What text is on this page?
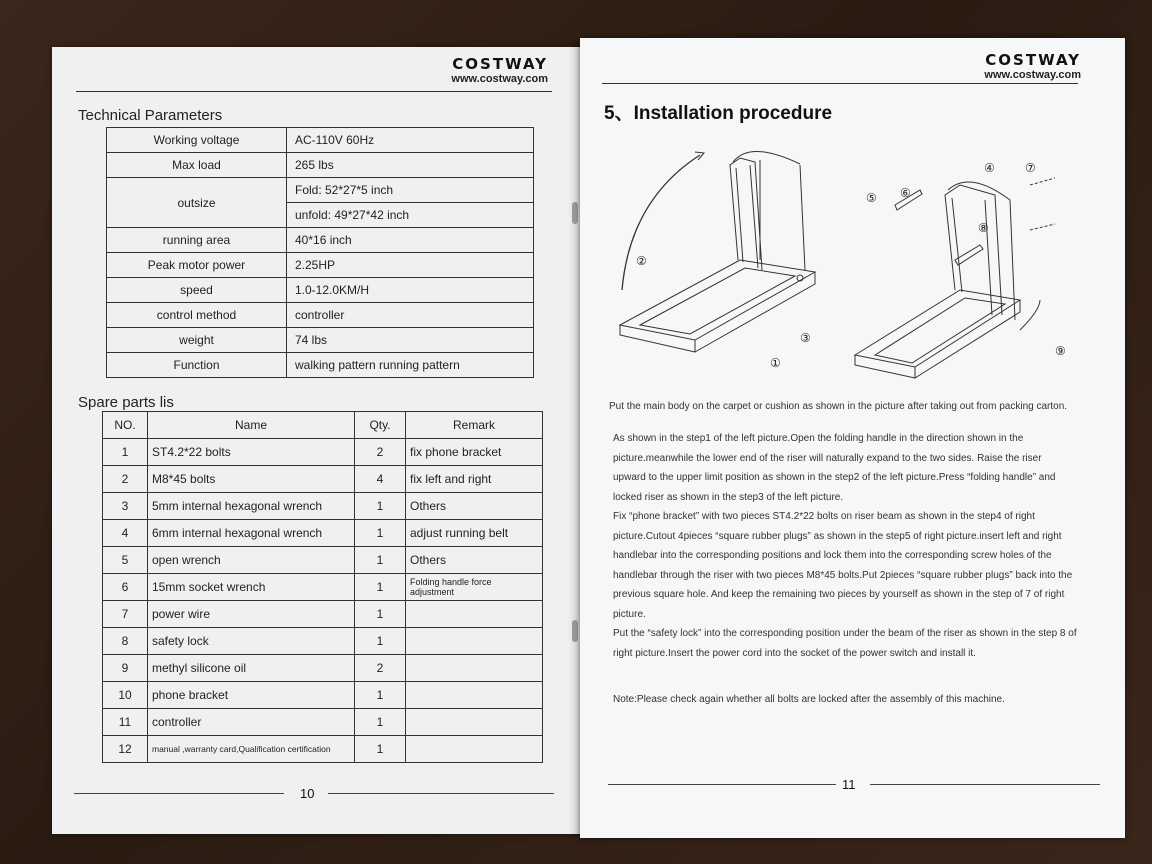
COSTWAY
www.costway.com
Technical Parameters
Working voltage	AC-110V 60Hz
Max load	265 lbs
outsize	Fold: 52*27*5 inch
	unfold: 49*27*42 inch
running area	40*16 inch
Peak motor power	2.25HP
speed	1.0-12.0KM/H
control method	controller
weight	74 lbs
Function	walking pattern running pattern
Spare parts lis
NO.	Name	Qty.	Remark
1	ST4.2*22 bolts	2	fix phone bracket
2	M8*45 bolts	4	fix left and right
3	5mm internal hexagonal wrench	1	Others
4	6mm internal hexagonal wrench	1	adjust running belt
5	open wrench	1	Others
6	15mm socket wrench	1	Folding handle force adjustment
7	power wire	1	
8	safety lock	1	
9	methyl silicone oil	2	
10	phone bracket	1	
11	controller	1	
12	manual ,warranty card,Qualification certification	1	
10
COSTWAY
www.costway.com
5、Installation procedure
①
②
③
④
⑤ ⑥
⑦
⑧
⑨
Put the main body on the carpet or cushion as shown in the picture after taking out from packing carton.
As shown in the step1 of the left picture.Open the folding handle in the direction shown in the
picture.meanwhile the lower end of the riser will naturally expand to the two sides. Raise the riser
upward to the upper limit position as shown in the step2 of the left picture.Press “folding handle” and
locked riser as shown in the step3 of the left picture.
Fix “phone bracket” with two pieces ST4.2*22 bolts on riser beam as shown in the step4 of right
picture.Cutout 4pieces “square rubber plugs” as shown in the step5 of right picture.insert left and right
handlebar into the corresponding positions and lock them into the corresponding screw holes of the
handlebar through the riser with two pieces M8*45 bolts.Put 2pieces “square rubber plugs” back into the
previous square hole. And keep the remaining two pieces by yourself as shown in the step of 7 of right
picture.
Put the “safety lock” into the corresponding position under the beam of the riser as shown in the step 8 of
right picture.Insert the power cord into the socket of the power switch and install it.
Note:Please check again whether all bolts are locked after the assembly of this machine.
11
